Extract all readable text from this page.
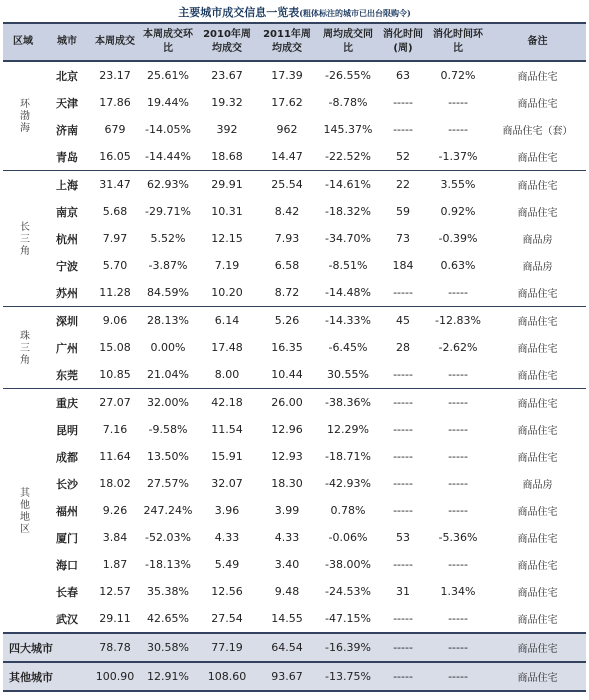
主要城市成交信息一览表(粗体标注的城市已出台限购令)
区域	城市	本周成交	本周成交环比	2010年周均成交	2011年周均成交	周均成交同比	消化时间(周)	消化时间环比	备注
环渤海	北京	23.17	25.61%	23.67	17.39	-26.55%	63	0.72%	商品住宅
	天津	17.86	19.44%	19.32	17.62	-8.78%	-----	-----	商品住宅
	济南	679	-14.05%	392	962	145.37%	-----	-----	商品住宅（套）
	青岛	16.05	-14.44%	18.68	14.47	-22.52%	52	-1.37%	商品住宅
长三角	上海	31.47	62.93%	29.91	25.54	-14.61%	22	3.55%	商品住宅
	南京	5.68	-29.71%	10.31	8.42	-18.32%	59	0.92%	商品住宅
	杭州	7.97	5.52%	12.15	7.93	-34.70%	73	-0.39%	商品房
	宁波	5.70	-3.87%	7.19	6.58	-8.51%	184	0.63%	商品房
	苏州	11.28	84.59%	10.20	8.72	-14.48%	-----	-----	商品住宅
珠三角	深圳	9.06	28.13%	6.14	5.26	-14.33%	45	-12.83%	商品住宅
	广州	15.08	0.00%	17.48	16.35	-6.45%	28	-2.62%	商品住宅
	东莞	10.85	21.04%	8.00	10.44	30.55%	-----	-----	商品住宅
其他地区	重庆	27.07	32.00%	42.18	26.00	-38.36%	-----	-----	商品住宅
	昆明	7.16	-9.58%	11.54	12.96	12.29%	-----	-----	商品住宅
	成都	11.64	13.50%	15.91	12.93	-18.71%	-----	-----	商品住宅
	长沙	18.02	27.57%	32.07	18.30	-42.93%	-----	-----	商品房
	福州	9.26	247.24%	3.96	3.99	0.78%	-----	-----	商品住宅
	厦门	3.84	-52.03%	4.33	4.33	-0.06%	53	-5.36%	商品住宅
	海口	1.87	-18.13%	5.49	3.40	-38.00%	-----	-----	商品住宅
	长春	12.57	35.38%	12.56	9.48	-24.53%	31	1.34%	商品住宅
	武汉	29.11	42.65%	27.54	14.55	-47.15%	-----	-----	商品住宅
四大城市		78.78	30.58%	77.19	64.54	-16.39%	-----	-----	商品住宅
其他城市		100.90	12.91%	108.60	93.67	-13.75%	-----	-----	商品住宅
